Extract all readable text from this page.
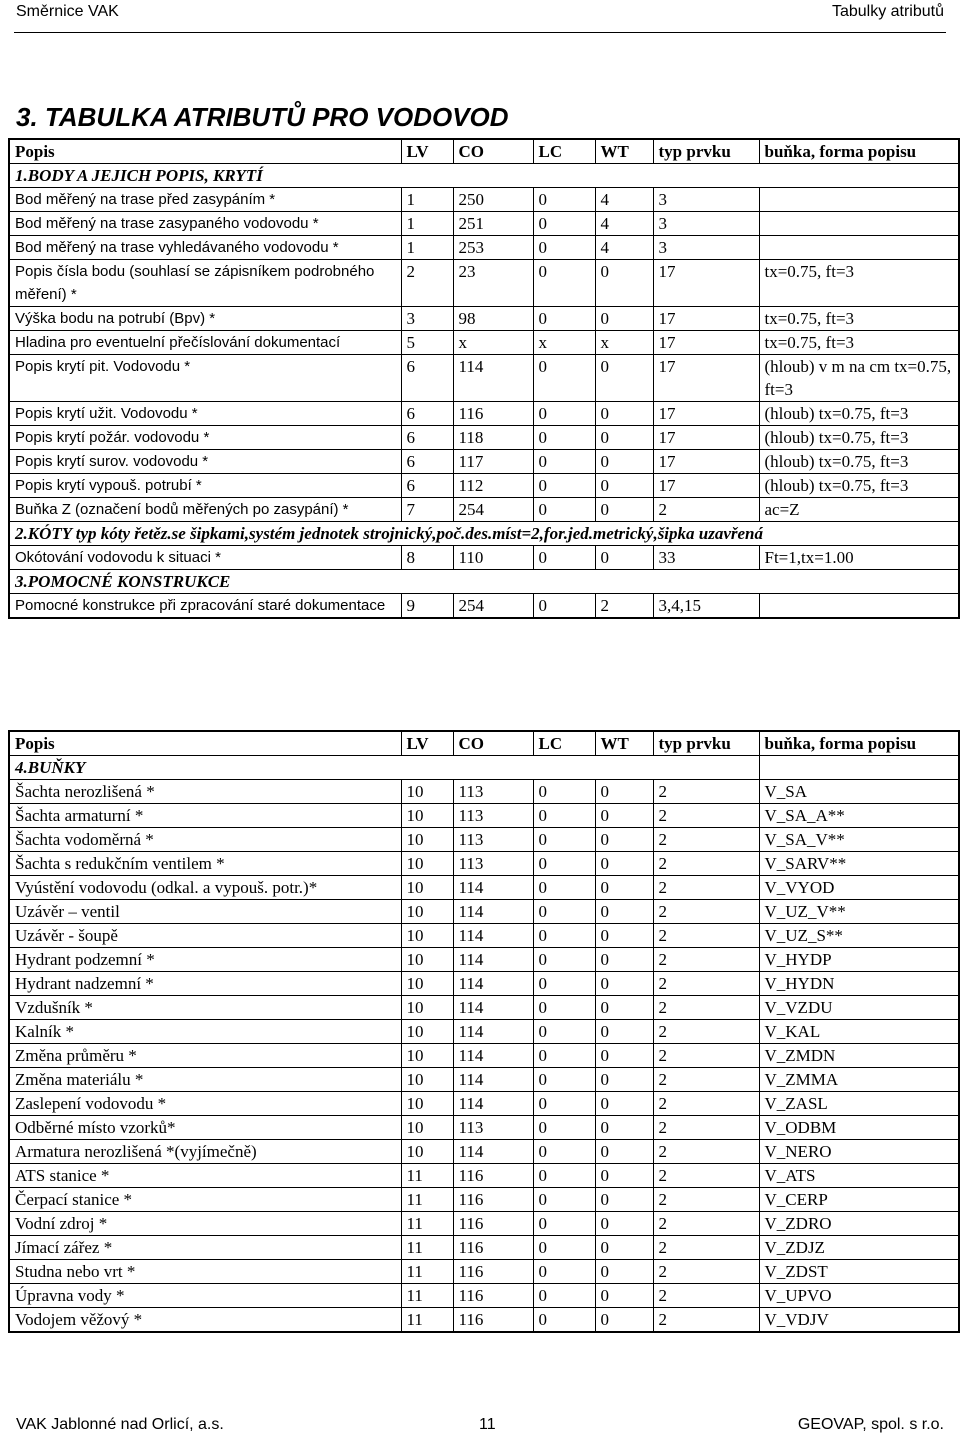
Směrnice VAK	Tabulky atributů
3. TABULKA ATRIBUTŮ PRO VODOVOD
Popis	LV	CO	LC	WT	typ prvku	buňka, forma popisu
1.BODY A JEJICH POPIS, KRYTÍ						
Bod měřený na trase před zasypáním *	1	250	0	4	3	
Bod měřený na trase zasypaného vodovodu *	1	251	0	4	3	
Bod měřený na trase vyhledávaného vodovodu *	1	253	0	4	3	
Popis čísla bodu (souhlasí se zápisníkem podrobného měření) *	2	23	0	0	17	tx=0.75, ft=3
Výška bodu na potrubí (Bpv) *	3	98	0	0	17	tx=0.75, ft=3
Hladina pro eventuelní přečíslování dokumentací	5	x	x	x	17	tx=0.75, ft=3
Popis krytí pit. Vodovodu *	6	114	0	0	17	(hloub) v m na cm tx=0.75, ft=3
Popis krytí užit. Vodovodu *	6	116	0	0	17	(hloub) tx=0.75, ft=3
Popis krytí požár. vodovodu *	6	118	0	0	17	(hloub) tx=0.75, ft=3
Popis krytí surov. vodovodu *	6	117	0	0	17	(hloub) tx=0.75, ft=3
Popis krytí vypouš. potrubí *	6	112	0	0	17	(hloub) tx=0.75, ft=3
Buňka Z (označení bodů měřených po zasypání) *	7	254	0	0	2	ac=Z
2.KÓTY typ kóty řetěz.se šipkami,systém jednotek strojnický,poč.des.míst=2,for.jed.metrický,šipka uzavřená						
Okótování vodovodu k situaci *	8	110	0	0	33	Ft=1,tx=1.00
3.POMOCNÉ KONSTRUKCE						
Pomocné konstrukce při zpracování staré dokumentace	9	254	0	2	3,4,15	
Popis	LV	CO	LC	WT	typ prvku	buňka, forma popisu
4.BUŇKY						
Šachta nerozlišená *	10	113	0	0	2	V_SA
Šachta armaturní *	10	113	0	0	2	V_SA_A**
Šachta vodoměrná *	10	113	0	0	2	V_SA_V**
Šachta s redukčním ventilem *	10	113	0	0	2	V_SARV**
Vyústění vodovodu (odkal. a vypouš. potr.)*	10	114	0	0	2	V_VYOD
Uzávěr – ventil	10	114	0	0	2	V_UZ_V**
Uzávěr - šoupě	10	114	0	0	2	V_UZ_S**
Hydrant podzemní *	10	114	0	0	2	V_HYDP
Hydrant nadzemní *	10	114	0	0	2	V_HYDN
Vzdušník *	10	114	0	0	2	V_VZDU
Kalník *	10	114	0	0	2	V_KAL
Změna průměru *	10	114	0	0	2	V_ZMDN
Změna materiálu *	10	114	0	0	2	V_ZMMA
Zaslepení vodovodu *	10	114	0	0	2	V_ZASL
Odběrné místo vzorků*	10	113	0	0	2	V_ODBM
Armatura nerozlišená *(vyjímečně)	10	114	0	0	2	V_NERO
ATS stanice *	11	116	0	0	2	V_ATS
Čerpací stanice *	11	116	0	0	2	V_CERP
Vodní zdroj *	11	116	0	0	2	V_ZDRO
Jímací zářez *	11	116	0	0	2	V_ZDJZ
Studna nebo vrt *	11	116	0	0	2	V_ZDST
Úpravna vody *	11	116	0	0	2	V_UPVO
Vodojem věžový *	11	116	0	0	2	V_VDJV
VAK Jablonné nad Orlicí, a.s.	11	GEOVAP, spol. s r.o.
